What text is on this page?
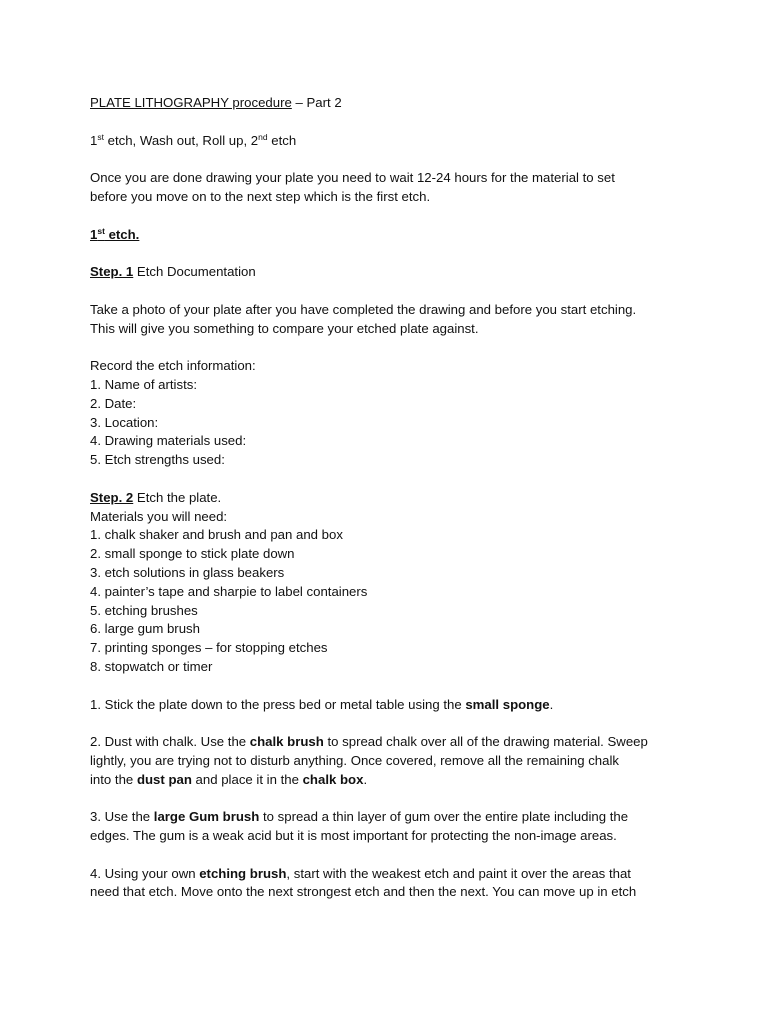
PLATE LITHOGRAPHY procedure – Part 2

1st etch, Wash out, Roll up, 2nd etch

Once you are done drawing your plate you need to wait 12-24 hours for the material to set

before you move on to the next step which is the first etch.

1st etch.

Step. 1 Etch Documentation

Take a photo of your plate after you have completed the drawing and before you start etching.

This will give you something to compare your etched plate against.

Record the etch information:

1. Name of artists:

2. Date:

3. Location:

4. Drawing materials used:

5. Etch strengths used:

Step. 2 Etch the plate.

Materials you will need:

1. chalk shaker and brush and pan and box

2. small sponge to stick plate down

3. etch solutions in glass beakers

4. painter’s tape and sharpie to label containers

5. etching brushes

6. large gum brush

7. printing sponges – for stopping etches

8. stopwatch or timer

1. Stick the plate down to the press bed or metal table using the small sponge.

2. Dust with chalk. Use the chalk brush to spread chalk over all of the drawing material. Sweep

lightly, you are trying not to disturb anything. Once covered, remove all the remaining chalk

into the dust pan and place it in the chalk box.

3. Use the large Gum brush to spread a thin layer of gum over the entire plate including the

edges. The gum is a weak acid but it is most important for protecting the non-image areas.

4. Using your own etching brush, start with the weakest etch and paint it over the areas that

need that etch. Move onto the next strongest etch and then the next. You can move up in etch
